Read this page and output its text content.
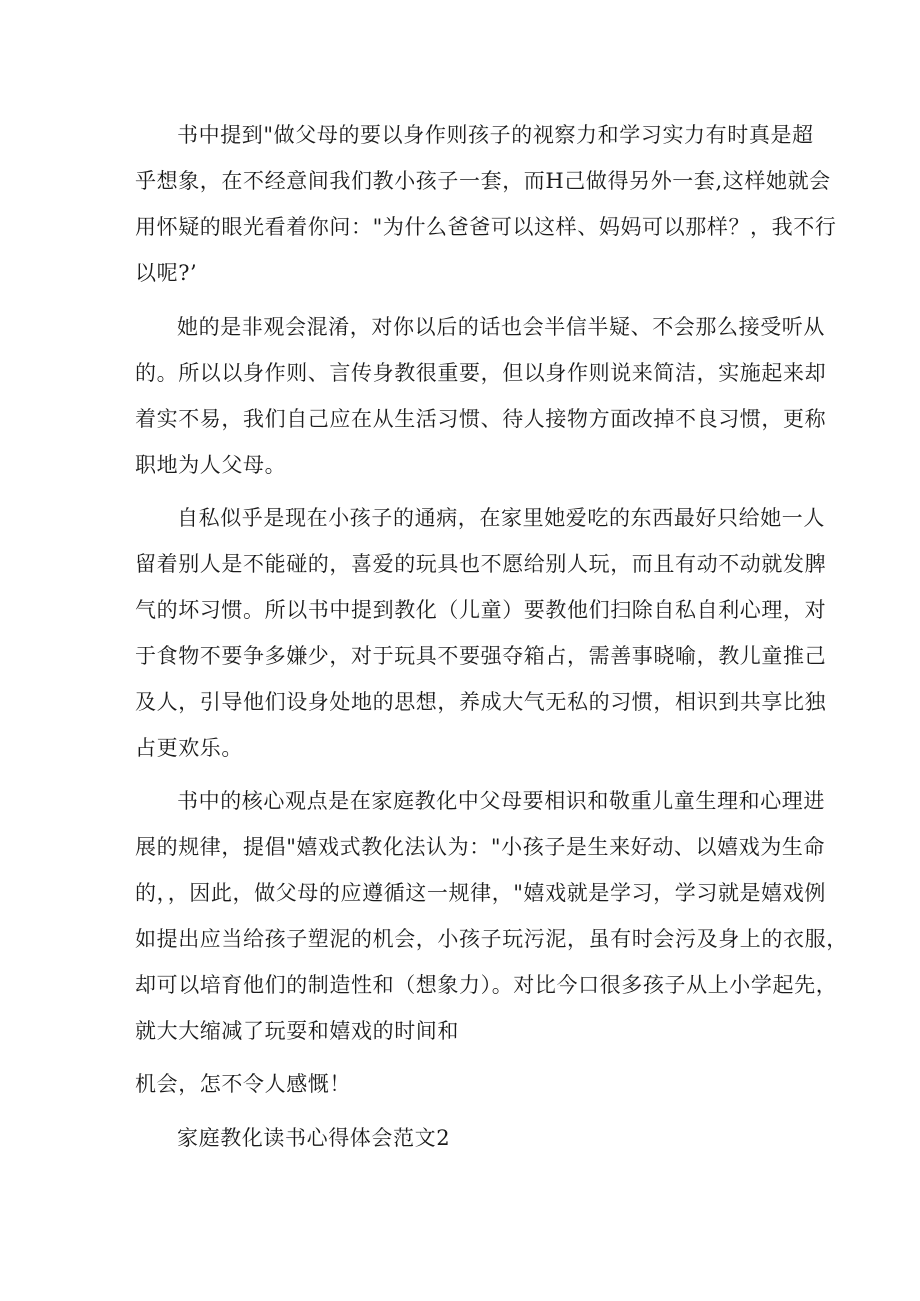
书中提到"做父母的要以身作则孩子的视察力和学习实力有时真是超

乎想象，在不经意间我们教小孩子一套，而H己做得另外一套,这样她就会

用怀疑的眼光看着你问："为什么爸爸可以这样、妈妈可以那样？，我不行

以呢?’

她的是非观会混淆，对你以后的话也会半信半疑、不会那么接受听从

的。所以以身作则、言传身教很重要，但以身作则说来简洁，实施起来却

着实不易，我们自己应在从生活习惯、待人接物方面改掉不良习惯，更称

职地为人父母。

自私似乎是现在小孩子的通病，在家里她爱吃的东西最好只给她一人

留着别人是不能碰的，喜爱的玩具也不愿给别人玩，而且有动不动就发脾

气的坏习惯。所以书中提到教化（儿童）要教他们扫除自私自利心理，对

于食物不要争多嫌少，对于玩具不要强夺箱占，需善事晓喻，教儿童推己

及人，引导他们设身处地的思想，养成大气无私的习惯，相识到共享比独

占更欢乐。

书中的核心观点是在家庭教化中父母要相识和敬重儿童生理和心理进

展的规律，提倡"嬉戏式教化法认为："小孩子是生来好动、以嬉戏为生命

的，，因此，做父母的应遵循这一规律，"嬉戏就是学习，学习就是嬉戏例

如提出应当给孩子塑泥的机会，小孩子玩污泥，虽有时会污及身上的衣服，

却可以培育他们的制造性和（想象力）。对比今口很多孩子从上小学起先，

就大大缩减了玩耍和嬉戏的时间和

机会，怎不令人感慨！

家庭教化读书心得体会范文2
